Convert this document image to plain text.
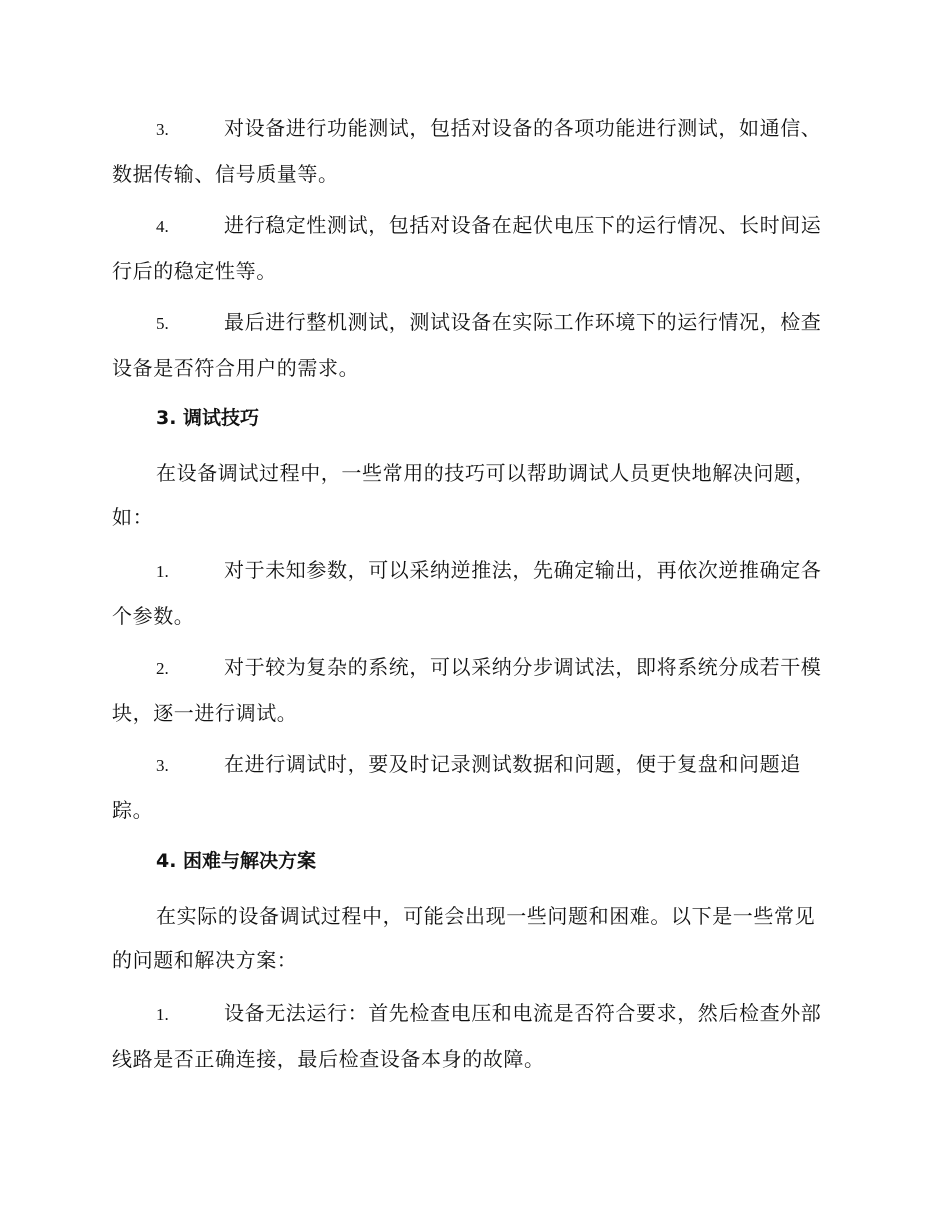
3.	对设备进行功能测试，包括对设备的各项功能进行测试，如通信、数据传输、信号质量等。
4.	进行稳定性测试，包括对设备在起伏电压下的运行情况、长时间运行后的稳定性等。
5.	最后进行整机测试，测试设备在实际工作环境下的运行情况，检查设备是否符合用户的需求。
3. 调试技巧
在设备调试过程中，一些常用的技巧可以帮助调试人员更快地解决问题，如：
1.	对于未知参数，可以采纳逆推法，先确定输出，再依次逆推确定各个参数。
2.	对于较为复杂的系统，可以采纳分步调试法，即将系统分成若干模块，逐一进行调试。
3.	在进行调试时，要及时记录测试数据和问题，便于复盘和问题追踪。
4. 困难与解决方案
在实际的设备调试过程中，可能会出现一些问题和困难。以下是一些常见的问题和解决方案：
1.	设备无法运行：首先检查电压和电流是否符合要求，然后检查外部线路是否正确连接，最后检查设备本身的故障。
